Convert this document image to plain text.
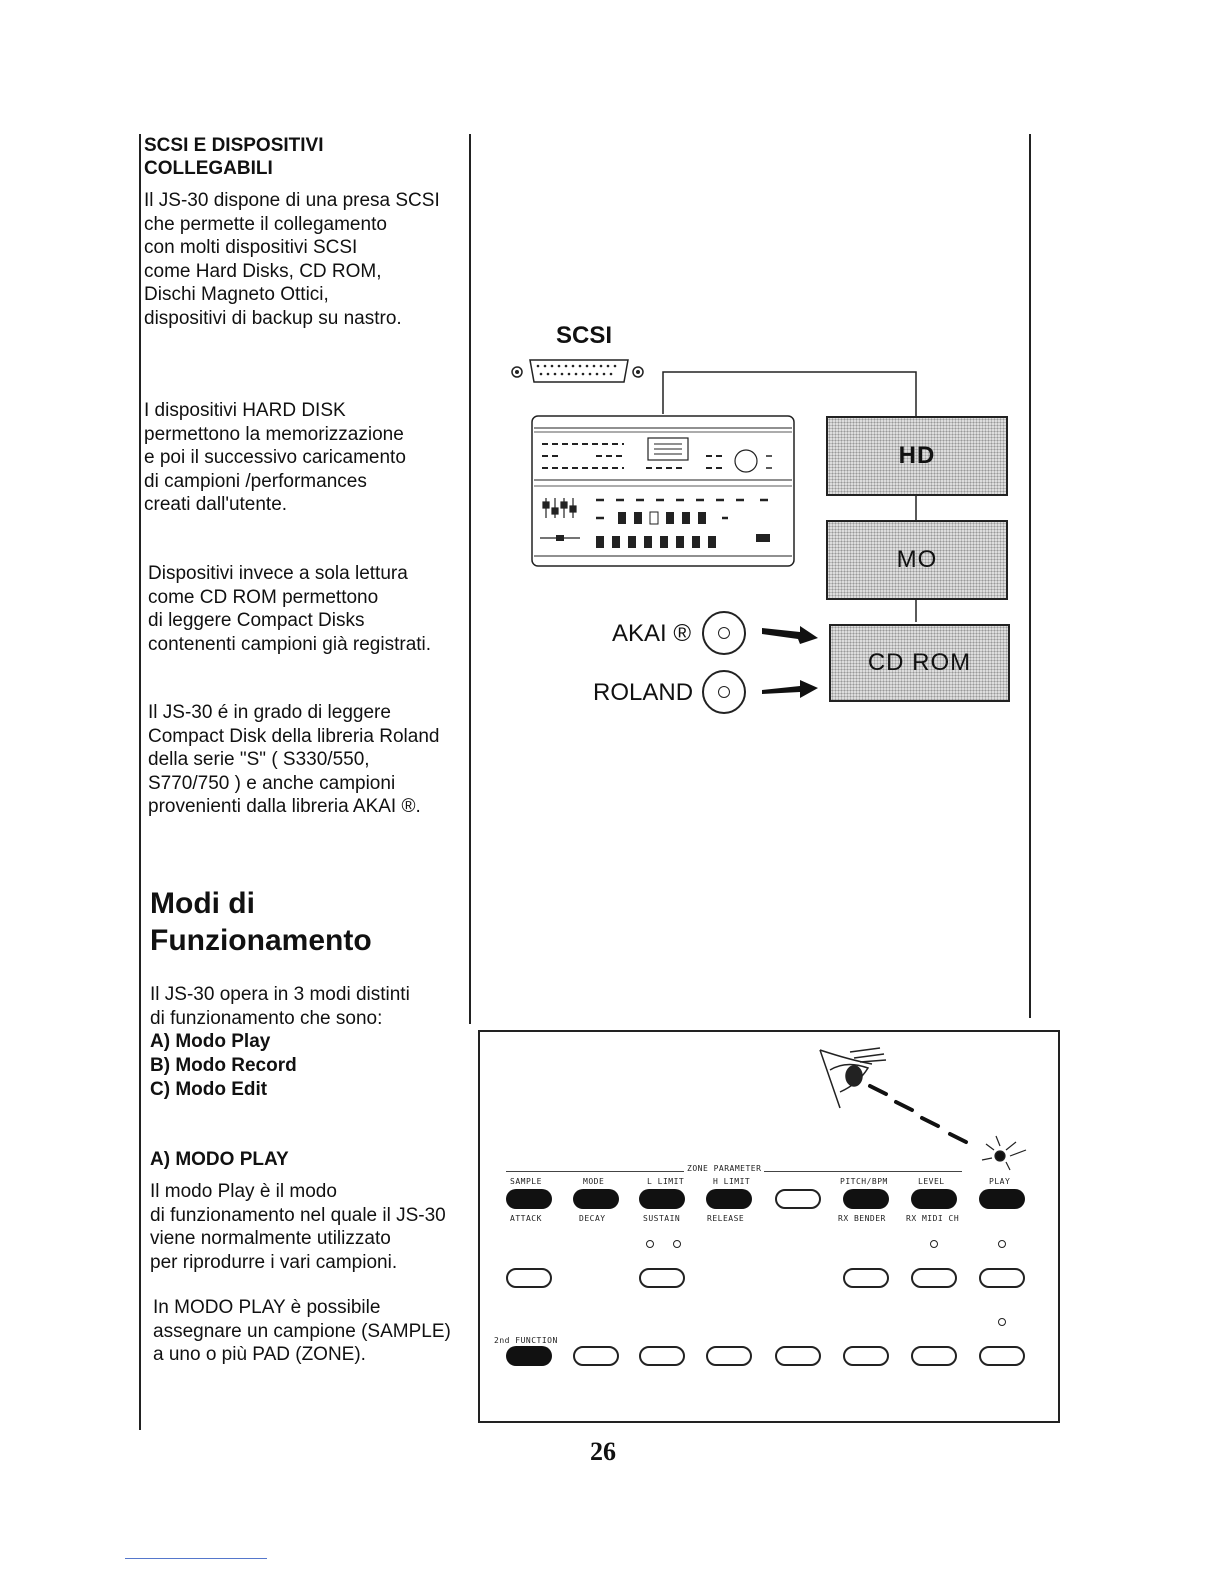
SCSI E DISPOSITIVI
COLLEGABILI
Il JS-30 dispone di una presa SCSI
che permette il collegamento
con molti dispositivi SCSI
come Hard Disks, CD ROM,
Dischi Magneto Ottici,
dispositivi di backup su nastro.
I dispositivi HARD DISK
permettono la memorizzazione
e poi il successivo caricamento
di campioni /performances
creati dall'utente.
Dispositivi invece a sola lettura
come CD ROM permettono
di leggere Compact Disks
contenenti campioni già registrati.
Il JS-30 é in grado di leggere
Compact Disk della libreria Roland
della serie "S" ( S330/550,
S770/750 ) e anche campioni
provenienti dalla libreria AKAI ®.
Modi di
Funzionamento
Il JS-30 opera in 3 modi distinti
di funzionamento che sono:
A) Modo Play
B) Modo Record
C) Modo Edit
A) MODO PLAY
Il modo Play è il modo
di funzionamento nel quale il JS-30
viene normalmente utilizzato
per riprodurre i vari campioni.
In MODO PLAY è possibile
assegnare un campione (SAMPLE)
a uno o più PAD (ZONE).
SCSI
HD
MO
CD ROM
AKAI ®
ROLAND
ZONE PARAMETER
SAMPLE	MODE	L LIMIT	H LIMIT	PITCH/BPM	LEVEL	PLAY
ATTACK	DECAY	SUSTAIN	RELEASE	RX BENDER	RX MIDI CH
2nd FUNCTION
26
